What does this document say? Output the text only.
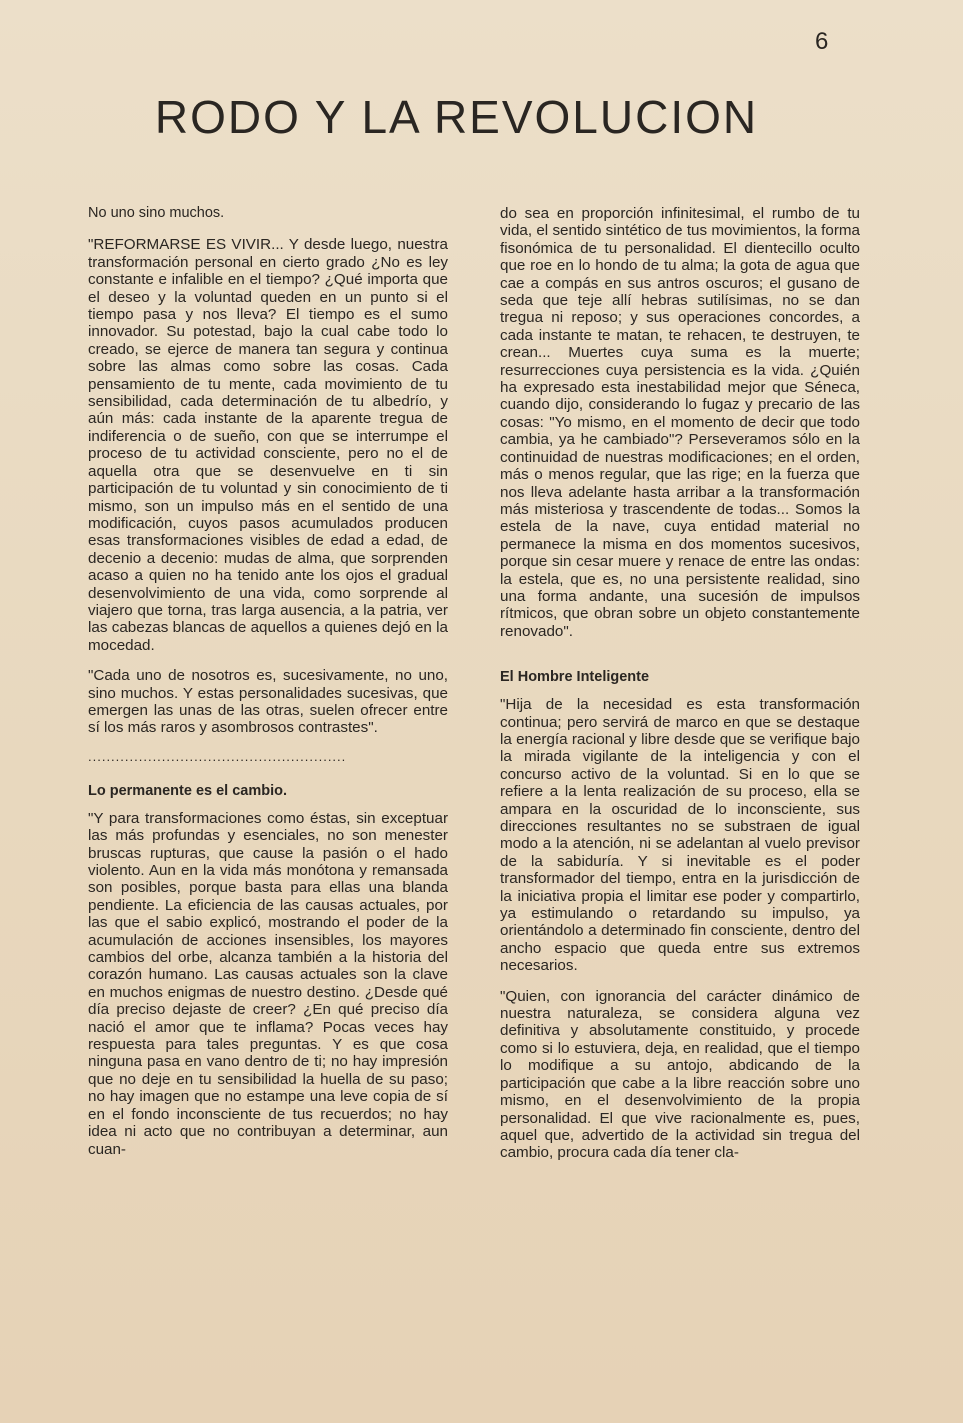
6
RODO Y LA REVOLUCION

No uno sino muchos.

"REFORMARSE ES VIVIR... Y desde luego, nuestra transformación personal en cierto grado ¿No es ley constante e infalible en el tiempo? ¿Qué importa que el deseo y la voluntad queden en un punto si el tiempo pasa y nos lleva? El tiempo es el sumo innovador. Su potestad, bajo la cual cabe todo lo creado, se ejerce de manera tan segura y continua sobre las almas como sobre las cosas. Cada pensamiento de tu mente, cada movimiento de tu sensibilidad, cada determinación de tu albedrío, y aún más: cada instante de la aparente tregua de indiferencia o de sueño, con que se interrumpe el proceso de tu actividad consciente, pero no el de aquella otra que se desenvuelve en ti sin participación de tu voluntad y sin conocimiento de ti mismo, son un impulso más en el sentido de una modificación, cuyos pasos acumulados producen esas transformaciones visibles de edad a edad, de decenio a decenio: mudas de alma, que sorprenden acaso a quien no ha tenido ante los ojos el gradual desenvolvimiento de una vida, como sorprende al viajero que torna, tras larga ausencia, a la patria, ver las cabezas blancas de aquellos a quienes dejó en la mocedad.

"Cada uno de nosotros es, sucesivamente, no uno, sino muchos. Y estas personalidades sucesivas, que emergen las unas de las otras, suelen ofrecer entre sí los más raros y asombrosos contrastes".

........................................................
Lo permanente es el cambio.

"Y para transformaciones como éstas, sin exceptuar las más profundas y esenciales, no son menester bruscas rupturas, que cause la pasión o el hado violento. Aun en la vida más monótona y remansada son posibles, porque basta para ellas una blanda pendiente. La eficiencia de las causas actuales, por las que el sabio explicó, mostrando el poder de la acumulación de acciones insensibles, los mayores cambios del orbe, alcanza también a la historia del corazón humano. Las causas actuales son la clave en muchos enigmas de nuestro destino. ¿Desde qué día preciso dejaste de creer? ¿En qué preciso día nació el amor que te inflama? Pocas veces hay respuesta para tales preguntas. Y es que cosa ninguna pasa en vano dentro de ti; no hay impresión que no deje en tu sensibilidad la huella de su paso; no hay imagen que no estampe una leve copia de sí en el fondo inconsciente de tus recuerdos; no hay idea ni acto que no contribuyan a determinar, aun cuan-

do sea en proporción infinitesimal, el rumbo de tu vida, el sentido sintético de tus movimientos, la forma fisonómica de tu personalidad. El dientecillo oculto que roe en lo hondo de tu alma; la gota de agua que cae a compás en sus antros oscuros; el gusano de seda que teje allí hebras sutilísimas, no se dan tregua ni reposo; y sus operaciones concordes, a cada instante te matan, te rehacen, te destruyen, te crean... Muertes cuya suma es la muerte; resurrecciones cuya persistencia es la vida. ¿Quién ha expresado esta inestabilidad mejor que Séneca, cuando dijo, considerando lo fugaz y precario de las cosas: "Yo mismo, en el momento de decir que todo cambia, ya he cambiado"? Perseveramos sólo en la continuidad de nuestras modificaciones; en el orden, más o menos regular, que las rige; en la fuerza que nos lleva adelante hasta arribar a la transformación más misteriosa y trascendente de todas... Somos la estela de la nave, cuya entidad material no permanece la misma en dos momentos sucesivos, porque sin cesar muere y renace de entre las ondas: la estela, que es, no una persistente realidad, sino una forma andante, una sucesión de impulsos rítmicos, que obran sobre un objeto constantemente renovado".

El Hombre Inteligente

"Hija de la necesidad es esta transformación continua; pero servirá de marco en que se destaque la energía racional y libre desde que se verifique bajo la mirada vigilante de la inteligencia y con el concurso activo de la voluntad. Si en lo que se refiere a la lenta realización de su proceso, ella se ampara en la oscuridad de lo inconsciente, sus direcciones resultantes no se substraen de igual modo a la atención, ni se adelantan al vuelo previsor de la sabiduría. Y si inevitable es el poder transformador del tiempo, entra en la jurisdicción de la iniciativa propia el limitar ese poder y compartirlo, ya estimulando o retardando su impulso, ya orientándolo a determinado fin consciente, dentro del ancho espacio que queda entre sus extremos necesarios.

"Quien, con ignorancia del carácter dinámico de nuestra naturaleza, se considera alguna vez definitiva y absolutamente constituido, y procede como si lo estuviera, deja, en realidad, que el tiempo lo modifique a su antojo, abdicando de la participación que cabe a la libre reacción sobre uno mismo, en el desenvolvimiento de la propia personalidad. El que vive racionalmente es, pues, aquel que, advertido de la actividad sin tregua del cambio, procura cada día tener cla-
